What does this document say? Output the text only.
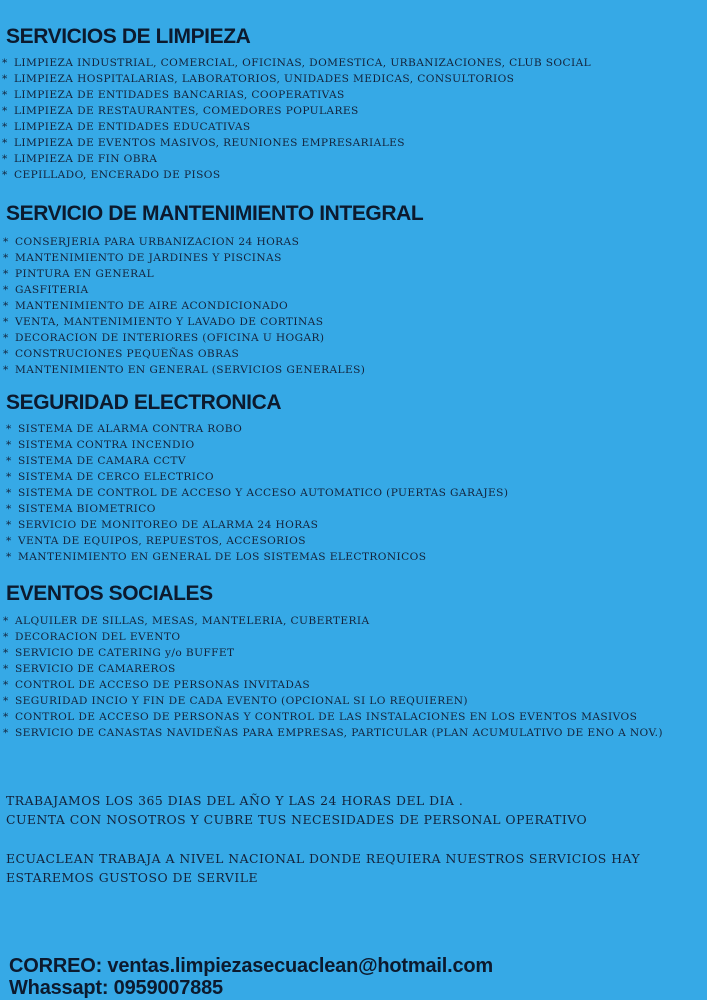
SERVICIOS DE LIMPIEZA
* LIMPIEZA INDUSTRIAL, COMERCIAL, OFICINAS, DOMESTICA, URBANIZACIONES, CLUB SOCIAL
* LIMPIEZA HOSPITALARIAS, LABORATORIOS, UNIDADES MEDICAS, CONSULTORIOS
* LIMPIEZA DE ENTIDADES BANCARIAS, COOPERATIVAS
* LIMPIEZA DE RESTAURANTES, COMEDORES POPULARES
* LIMPIEZA DE ENTIDADES EDUCATIVAS
* LIMPIEZA DE EVENTOS MASIVOS, REUNIONES EMPRESARIALES
* LIMPIEZA DE FIN OBRA
* CEPILLADO, ENCERADO DE PISOS
SERVICIO DE MANTENIMIENTO INTEGRAL
* CONSERJERIA PARA URBANIZACION 24 HORAS
* MANTENIMIENTO DE JARDINES Y PISCINAS
* PINTURA EN GENERAL
* GASFITERIA
* MANTENIMIENTO DE AIRE ACONDICIONADO
* VENTA, MANTENIMIENTO Y LAVADO DE CORTINAS
* DECORACION DE INTERIORES (OFICINA U HOGAR)
* CONSTRUCIONES PEQUEÑAS OBRAS
* MANTENIMIENTO EN GENERAL (SERVICIOS GENERALES)
SEGURIDAD ELECTRONICA
* SISTEMA DE ALARMA CONTRA ROBO
* SISTEMA CONTRA INCENDIO
* SISTEMA DE CAMARA CCTV
* SISTEMA DE CERCO ELECTRICO
* SISTEMA DE CONTROL DE ACCESO Y ACCESO AUTOMATICO (PUERTAS GARAJES)
* SISTEMA BIOMETRICO
* SERVICIO DE MONITOREO DE ALARMA 24 HORAS
* VENTA DE EQUIPOS, REPUESTOS, ACCESORIOS
* MANTENIMIENTO EN GENERAL DE LOS SISTEMAS ELECTRONICOS
EVENTOS SOCIALES
* ALQUILER DE SILLAS, MESAS, MANTELERIA, CUBERTERIA
* DECORACION DEL EVENTO
* SERVICIO DE CATERING y/o BUFFET
* SERVICIO DE CAMAREROS
* CONTROL DE ACCESO DE PERSONAS INVITADAS
* SEGURIDAD INCIO Y FIN DE CADA EVENTO (OPCIONAL SI LO REQUIEREN)
* CONTROL DE ACCESO DE PERSONAS Y CONTROL DE LAS INSTALACIONES EN LOS EVENTOS MASIVOS
* SERVICIO DE CANASTAS NAVIDEÑAS PARA EMPRESAS, PARTICULAR (PLAN ACUMULATIVO DE ENO A NOV.)
TRABAJAMOS LOS 365 DIAS DEL AÑO Y LAS 24 HORAS DEL DIA .
CUENTA CON NOSOTROS Y CUBRE TUS NECESIDADES DE PERSONAL OPERATIVO
ECUACLEAN TRABAJA A NIVEL NACIONAL DONDE REQUIERA NUESTROS SERVICIOS HAY
ESTAREMOS GUSTOSO DE SERVILE
CORREO: ventas.limpiezasecuaclean@hotmail.com
Whassapt: 0959007885
